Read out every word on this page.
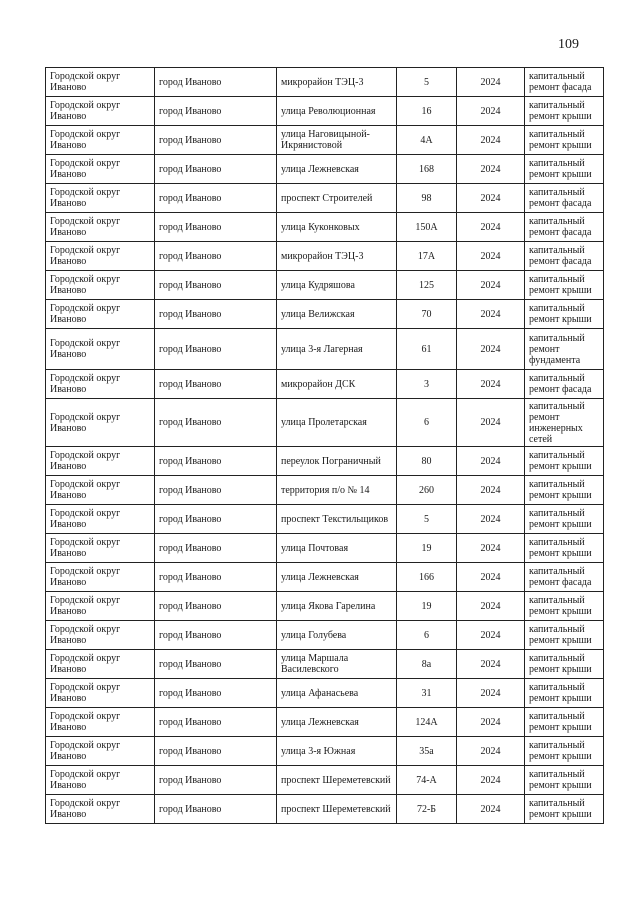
109
Городской округ Иваново	город Иваново	микрорайон ТЭЦ-3	5	2024	капитальный ремонт фасада
Городской округ Иваново	город Иваново	улица Революционная	16	2024	капитальный ремонт крыши
Городской округ Иваново	город Иваново	улица Наговицыной-Икрянистовой	4А	2024	капитальный ремонт крыши
Городской округ Иваново	город Иваново	улица Лежневская	168	2024	капитальный ремонт крыши
Городской округ Иваново	город Иваново	проспект Строителей	98	2024	капитальный ремонт фасада
Городской округ Иваново	город Иваново	улица Куконковых	150А	2024	капитальный ремонт фасада
Городской округ Иваново	город Иваново	микрорайон ТЭЦ-3	17А	2024	капитальный ремонт фасада
Городской округ Иваново	город Иваново	улица Кудряшова	125	2024	капитальный ремонт крыши
Городской округ Иваново	город Иваново	улица Велижская	70	2024	капитальный ремонт крыши
Городской округ Иваново	город Иваново	улица 3-я Лагерная	61	2024	капитальный ремонт фундамента
Городской округ Иваново	город Иваново	микрорайон ДСК	3	2024	капитальный ремонт фасада
Городской округ Иваново	город Иваново	улица Пролетарская	6	2024	капитальный ремонт инженерных сетей
Городской округ Иваново	город Иваново	переулок Пограничный	80	2024	капитальный ремонт крыши
Городской округ Иваново	город Иваново	территория п/о № 14	260	2024	капитальный ремонт крыши
Городской округ Иваново	город Иваново	проспект Текстильщиков	5	2024	капитальный ремонт крыши
Городской округ Иваново	город Иваново	улица Почтовая	19	2024	капитальный ремонт крыши
Городской округ Иваново	город Иваново	улица Лежневская	166	2024	капитальный ремонт фасада
Городской округ Иваново	город Иваново	улица Якова Гарелина	19	2024	капитальный ремонт крыши
Городской округ Иваново	город Иваново	улица Голубева	6	2024	капитальный ремонт крыши
Городской округ Иваново	город Иваново	улица Маршала Василевского	8а	2024	капитальный ремонт крыши
Городской округ Иваново	город Иваново	улица Афанасьева	31	2024	капитальный ремонт крыши
Городской округ Иваново	город Иваново	улица Лежневская	124А	2024	капитальный ремонт крыши
Городской округ Иваново	город Иваново	улица 3-я Южная	35а	2024	капитальный ремонт крыши
Городской округ Иваново	город Иваново	проспект Шереметевский	74-А	2024	капитальный ремонт крыши
Городской округ Иваново	город Иваново	проспект Шереметевский	72-Б	2024	капитальный ремонт крыши
